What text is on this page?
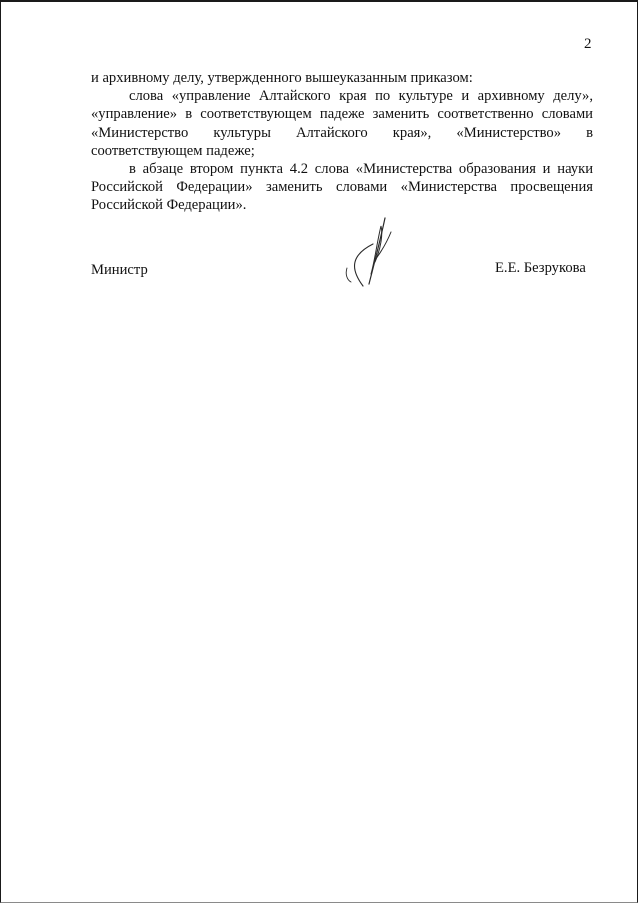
2

и архивному делу, утвержденного вышеуказанным приказом:

слова «управление Алтайского края по культуре и архивному делу», «управление» в соответствующем падеже заменить соответственно словами «Министерство культуры Алтайского края», «Министерство» в соответствующем падеже;

в абзаце втором пункта 4.2 слова «Министерства образования и науки Российской Федерации» заменить словами «Министерства просвещения Российской Федерации».

Министр	Е.Е. Безрукова
